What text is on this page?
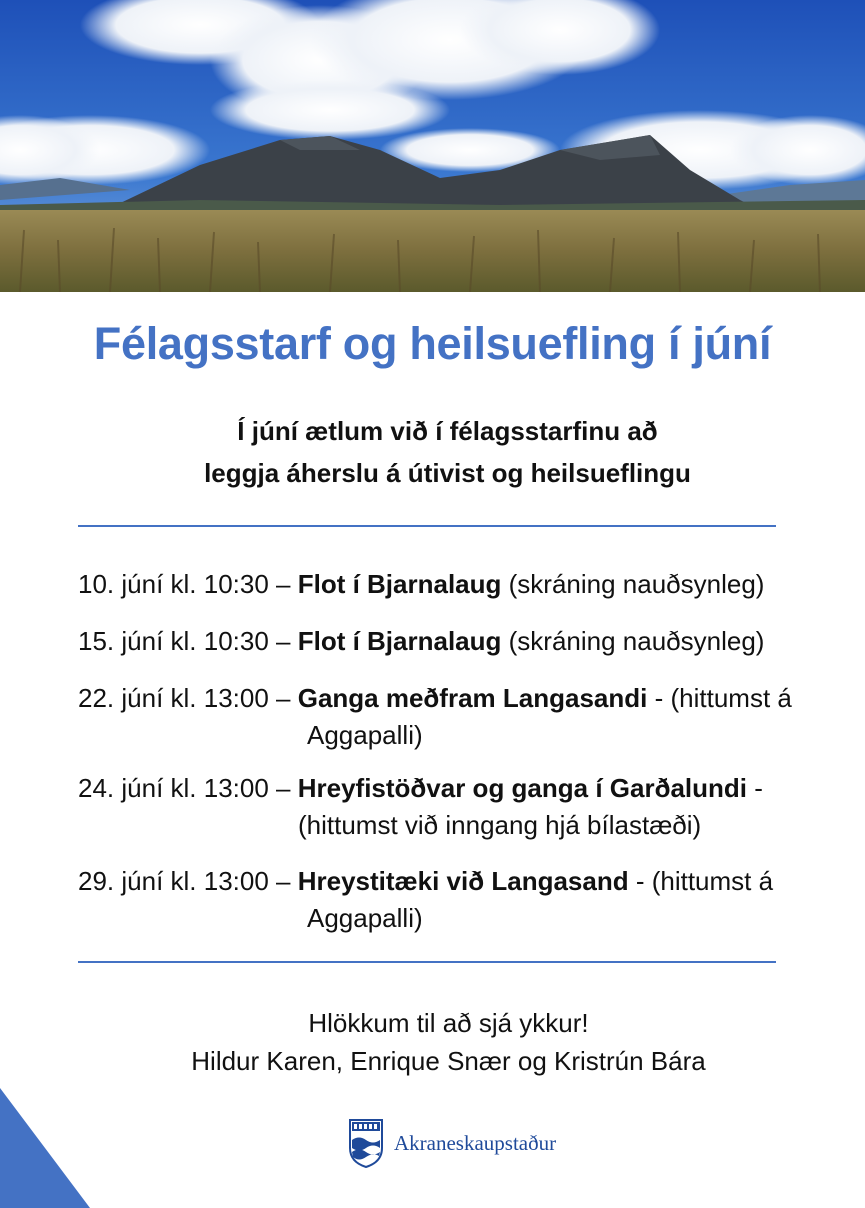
Félagsstarf og heilsuefling í júní
Í júní ætlum við í félagsstarfinu að
leggja áherslu á útivist og heilsueflingu
10. júní kl. 10:30 – Flot í Bjarnalaug (skráning nauðsynleg)
15. júní kl. 10:30 – Flot í Bjarnalaug (skráning nauðsynleg)
22. júní kl. 13:00 – Ganga meðfram Langasandi - (hittumst á
Aggapalli)
24. júní kl. 13:00 – Hreyfistöðvar og ganga í Garðalundi -
(hittumst við inngang hjá bílastæði)
29. júní kl. 13:00 – Hreystitæki við Langasand - (hittumst á
Aggapalli)
Hlökkum til að sjá ykkur!
Hildur Karen, Enrique Snær og Kristrún Bára
Akraneskaupstaður
